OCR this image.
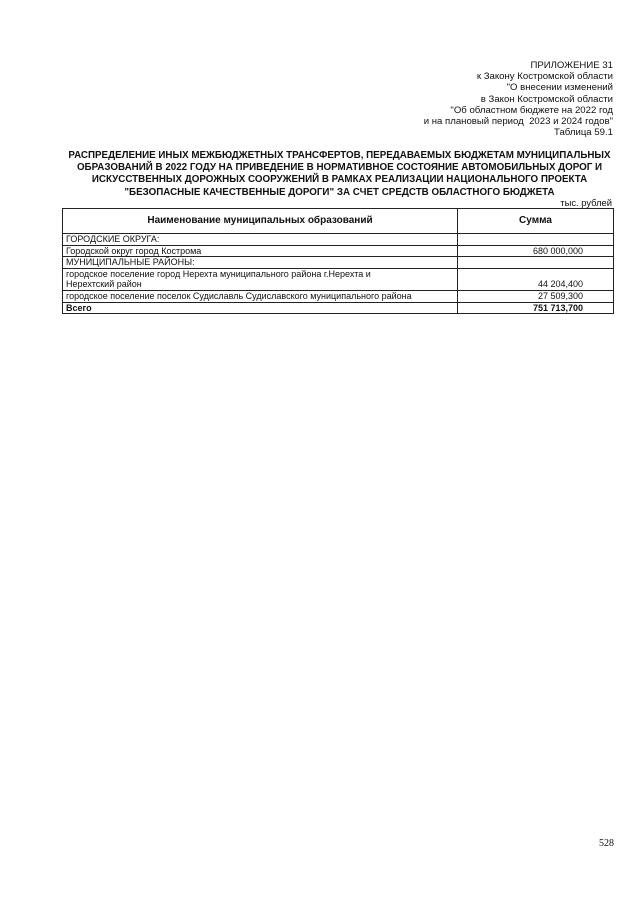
ПРИЛОЖЕНИЕ 31
к Закону Костромской области
"О внесении изменений
в Закон Костромской области
"Об областном бюджете на 2022 год
и на плановый период  2023 и 2024 годов"
Таблица 59.1
РАСПРЕДЕЛЕНИЕ ИНЫХ МЕЖБЮДЖЕТНЫХ ТРАНСФЕРТОВ, ПЕРЕДАВАЕМЫХ БЮДЖЕТАМ МУНИЦИПАЛЬНЫХ
ОБРАЗОВАНИЙ В 2022 ГОДУ НА ПРИВЕДЕНИЕ В НОРМАТИВНОЕ СОСТОЯНИЕ АВТОМОБИЛЬНЫХ ДОРОГ И
ИСКУССТВЕННЫХ ДОРОЖНЫХ СООРУЖЕНИЙ В РАМКАХ РЕАЛИЗАЦИИ НАЦИОНАЛЬНОГО ПРОЕКТА
"БЕЗОПАСНЫЕ КАЧЕСТВЕННЫЕ ДОРОГИ" ЗА СЧЕТ СРЕДСТВ ОБЛАСТНОГО БЮДЖЕТА
тыс. рублей
Наименование муниципальных образований	Сумма
ГОРОДСКИЕ ОКРУГА:	
Городской округ город Кострома	680 000,000
МУНИЦИПАЛЬНЫЕ РАЙОНЫ:	
городское поселение город Нерехта муниципального района г.Нерехта и Нерехтский район	44 204,400
городское поселение поселок Судиславль Судиславского муниципального района	27 509,300
Всего	751 713,700
528
